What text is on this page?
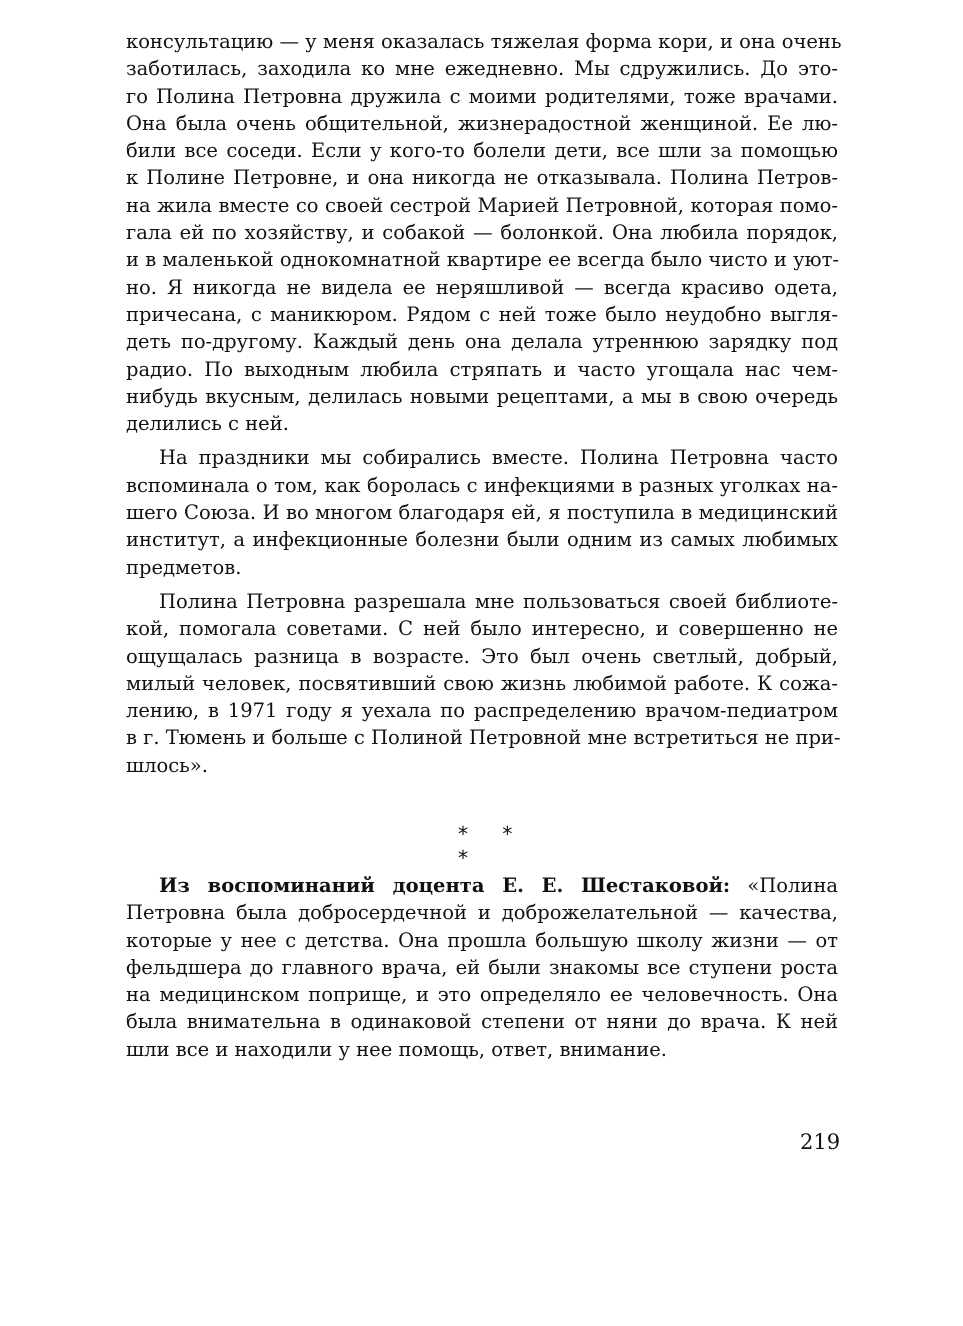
консультацию — у меня оказалась тяжелая форма кори, и она очень
заботилась, заходила ко мне ежедневно. Мы сдружились. До это-
го Полина Петровна дружила с моими родителями, тоже врачами.
Она была очень общительной, жизнерадостной женщиной. Ее лю-
били все соседи. Если у кого-то болели дети, все шли за помощью
к Полине Петровне, и она никогда не отказывала. Полина Петров-
на жила вместе со своей сестрой Марией Петровной, которая помо-
гала ей по хозяйству, и собакой — болонкой. Она любила порядок,
и в маленькой однокомнатной квартире ее всегда было чисто и уют-
но. Я никогда не видела ее неряшливой — всегда красиво одета,
причесана, с маникюром. Рядом с ней тоже было неудобно выгля-
деть по-другому. Каждый день она делала утреннюю зарядку под
радио. По выходным любила стряпать и часто угощала нас чем-
нибудь вкусным, делилась новыми рецептами, а мы в свою очередь
делились с ней.
На праздники мы собирались вместе. Полина Петровна часто
вспоминала о том, как боролась с инфекциями в разных уголках на-
шего Союза. И во многом благодаря ей, я поступила в медицинский
институт, а инфекционные болезни были одним из самых любимых
предметов.
Полина Петровна разрешала мне пользоваться своей библиоте-
кой, помогала советами. С ней было интересно, и совершенно не
ощущалась разница в возрасте. Это был очень светлый, добрый,
милый человек, посвятивший свою жизнь любимой работе. К сожа-
лению, в 1971 году я уехала по распределению врачом-педиатром
в г. Тюмень и больше с Полиной Петровной мне встретиться не при-
шлось».
* * *
Из воспоминаний доцента Е. Е. Шестаковой: «Полина
Петровна была добросердечной и доброжелательной — качества,
которые у нее с детства. Она прошла большую школу жизни — от
фельдшера до главного врача, ей были знакомы все ступени роста
на медицинском поприще, и это определяло ее человечность. Она
была внимательна в одинаковой степени от няни до врача. К ней
шли все и находили у нее помощь, ответ, внимание.
219
